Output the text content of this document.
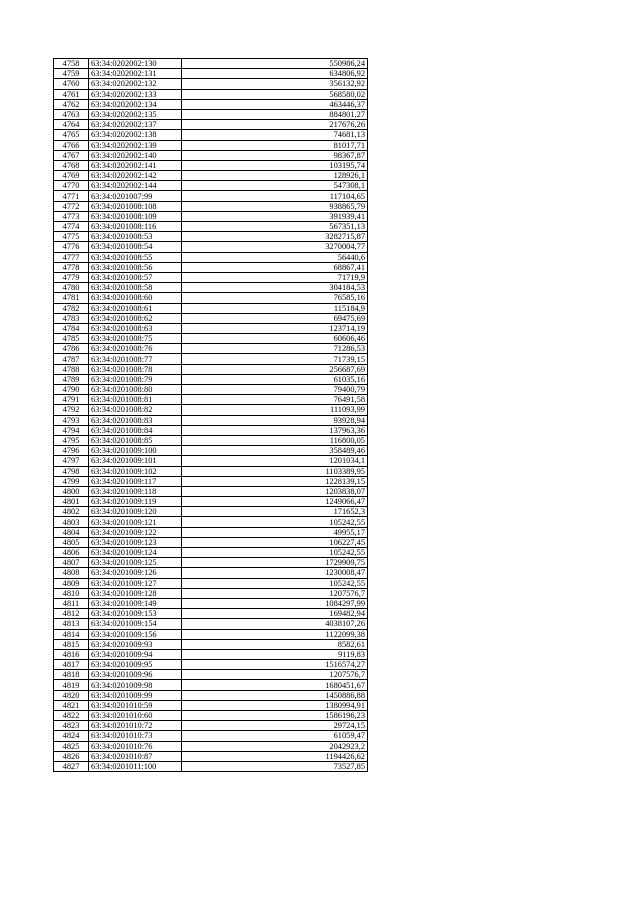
4758	63:34:0202002:130	550986,24
4759	63:34:0202002:131	634806,92
4760	63:34:0202002:132	356132,92
4761	63:34:0202002:133	568580,02
4762	63:34:0202002:134	463446,37
4763	63:34:0202002:135	884801,27
4764	63:34:0202002:137	217676,26
4765	63:34:0202002:138	74681,13
4766	63:34:0202002:139	81017,71
4767	63:34:0202002:140	98367,87
4768	63:34:0202002:141	103195,74
4769	63:34:0202002:142	128926,1
4770	63:34:0202002:144	547308,1
4771	63:34:0201007:99	117104,65
4772	63:34:0201008:108	938865,79
4773	63:34:0201008:109	391939,41
4774	63:34:0201008:116	567351,13
4775	63:34:0201008:53	3282715,87
4776	63:34:0201008:54	3270004,77
4777	63:34:0201008:55	56440,6
4778	63:34:0201008:56	68867,41
4779	63:34:0201008:57	71719,9
4780	63:34:0201008:58	304184,53
4781	63:34:0201008:60	76585,16
4782	63:34:0201008:61	115184,9
4783	63:34:0201008:62	69475,69
4784	63:34:0201008:63	123714,19
4785	63:34:0201008:75	60606,46
4786	63:34:0201008:76	71286,53
4787	63:34:0201008:77	71739,15
4788	63:34:0201008:78	256687,69
4789	63:34:0201008:79	61035,16
4790	63:34:0201008:80	79400,79
4791	63:34:0201008:81	76491,58
4792	63:34:0201008:82	111093,99
4793	63:34:0201008:83	93928,94
4794	63:34:0201008:84	137963,36
4795	63:34:0201008:85	116800,05
4796	63:34:0201009:100	358489,46
4797	63:34:0201009:101	1201034,1
4798	63:34:0201009:102	1103389,95
4799	63:34:0201009:117	1228139,15
4800	63:34:0201009:118	1203838,07
4801	63:34:0201009:119	1249066,47
4802	63:34:0201009:120	171652,3
4803	63:34:0201009:121	105242,55
4804	63:34:0201009:122	49955,17
4805	63:34:0201009:123	106227,45
4806	63:34:0201009:124	105242,55
4807	63:34:0201009:125	1729909,75
4808	63:34:0201009:126	1230008,47
4809	63:34:0201009:127	105242,55
4810	63:34:0201009:128	1207576,7
4811	63:34:0201009:149	1084297,99
4812	63:34:0201009:153	169482,94
4813	63:34:0201009:154	4038107,26
4814	63:34:0201009:156	1122099,38
4815	63:34:0201009:93	8582,61
4816	63:34:0201009:94	9119,83
4817	63:34:0201009:95	1516574,27
4818	63:34:0201009:96	1207576,7
4819	63:34:0201009:98	1680451,67
4820	63:34:0201009:99	1450886,88
4821	63:34:0201010:59	1380994,91
4822	63:34:0201010:60	1586196,23
4823	63:34:0201010:72	29724,15
4824	63:34:0201010:73	61059,47
4825	63:34:0201010:76	2042923,2
4826	63:34:0201010:87	1194426,62
4827	63:34:0201011:100	73527,85
